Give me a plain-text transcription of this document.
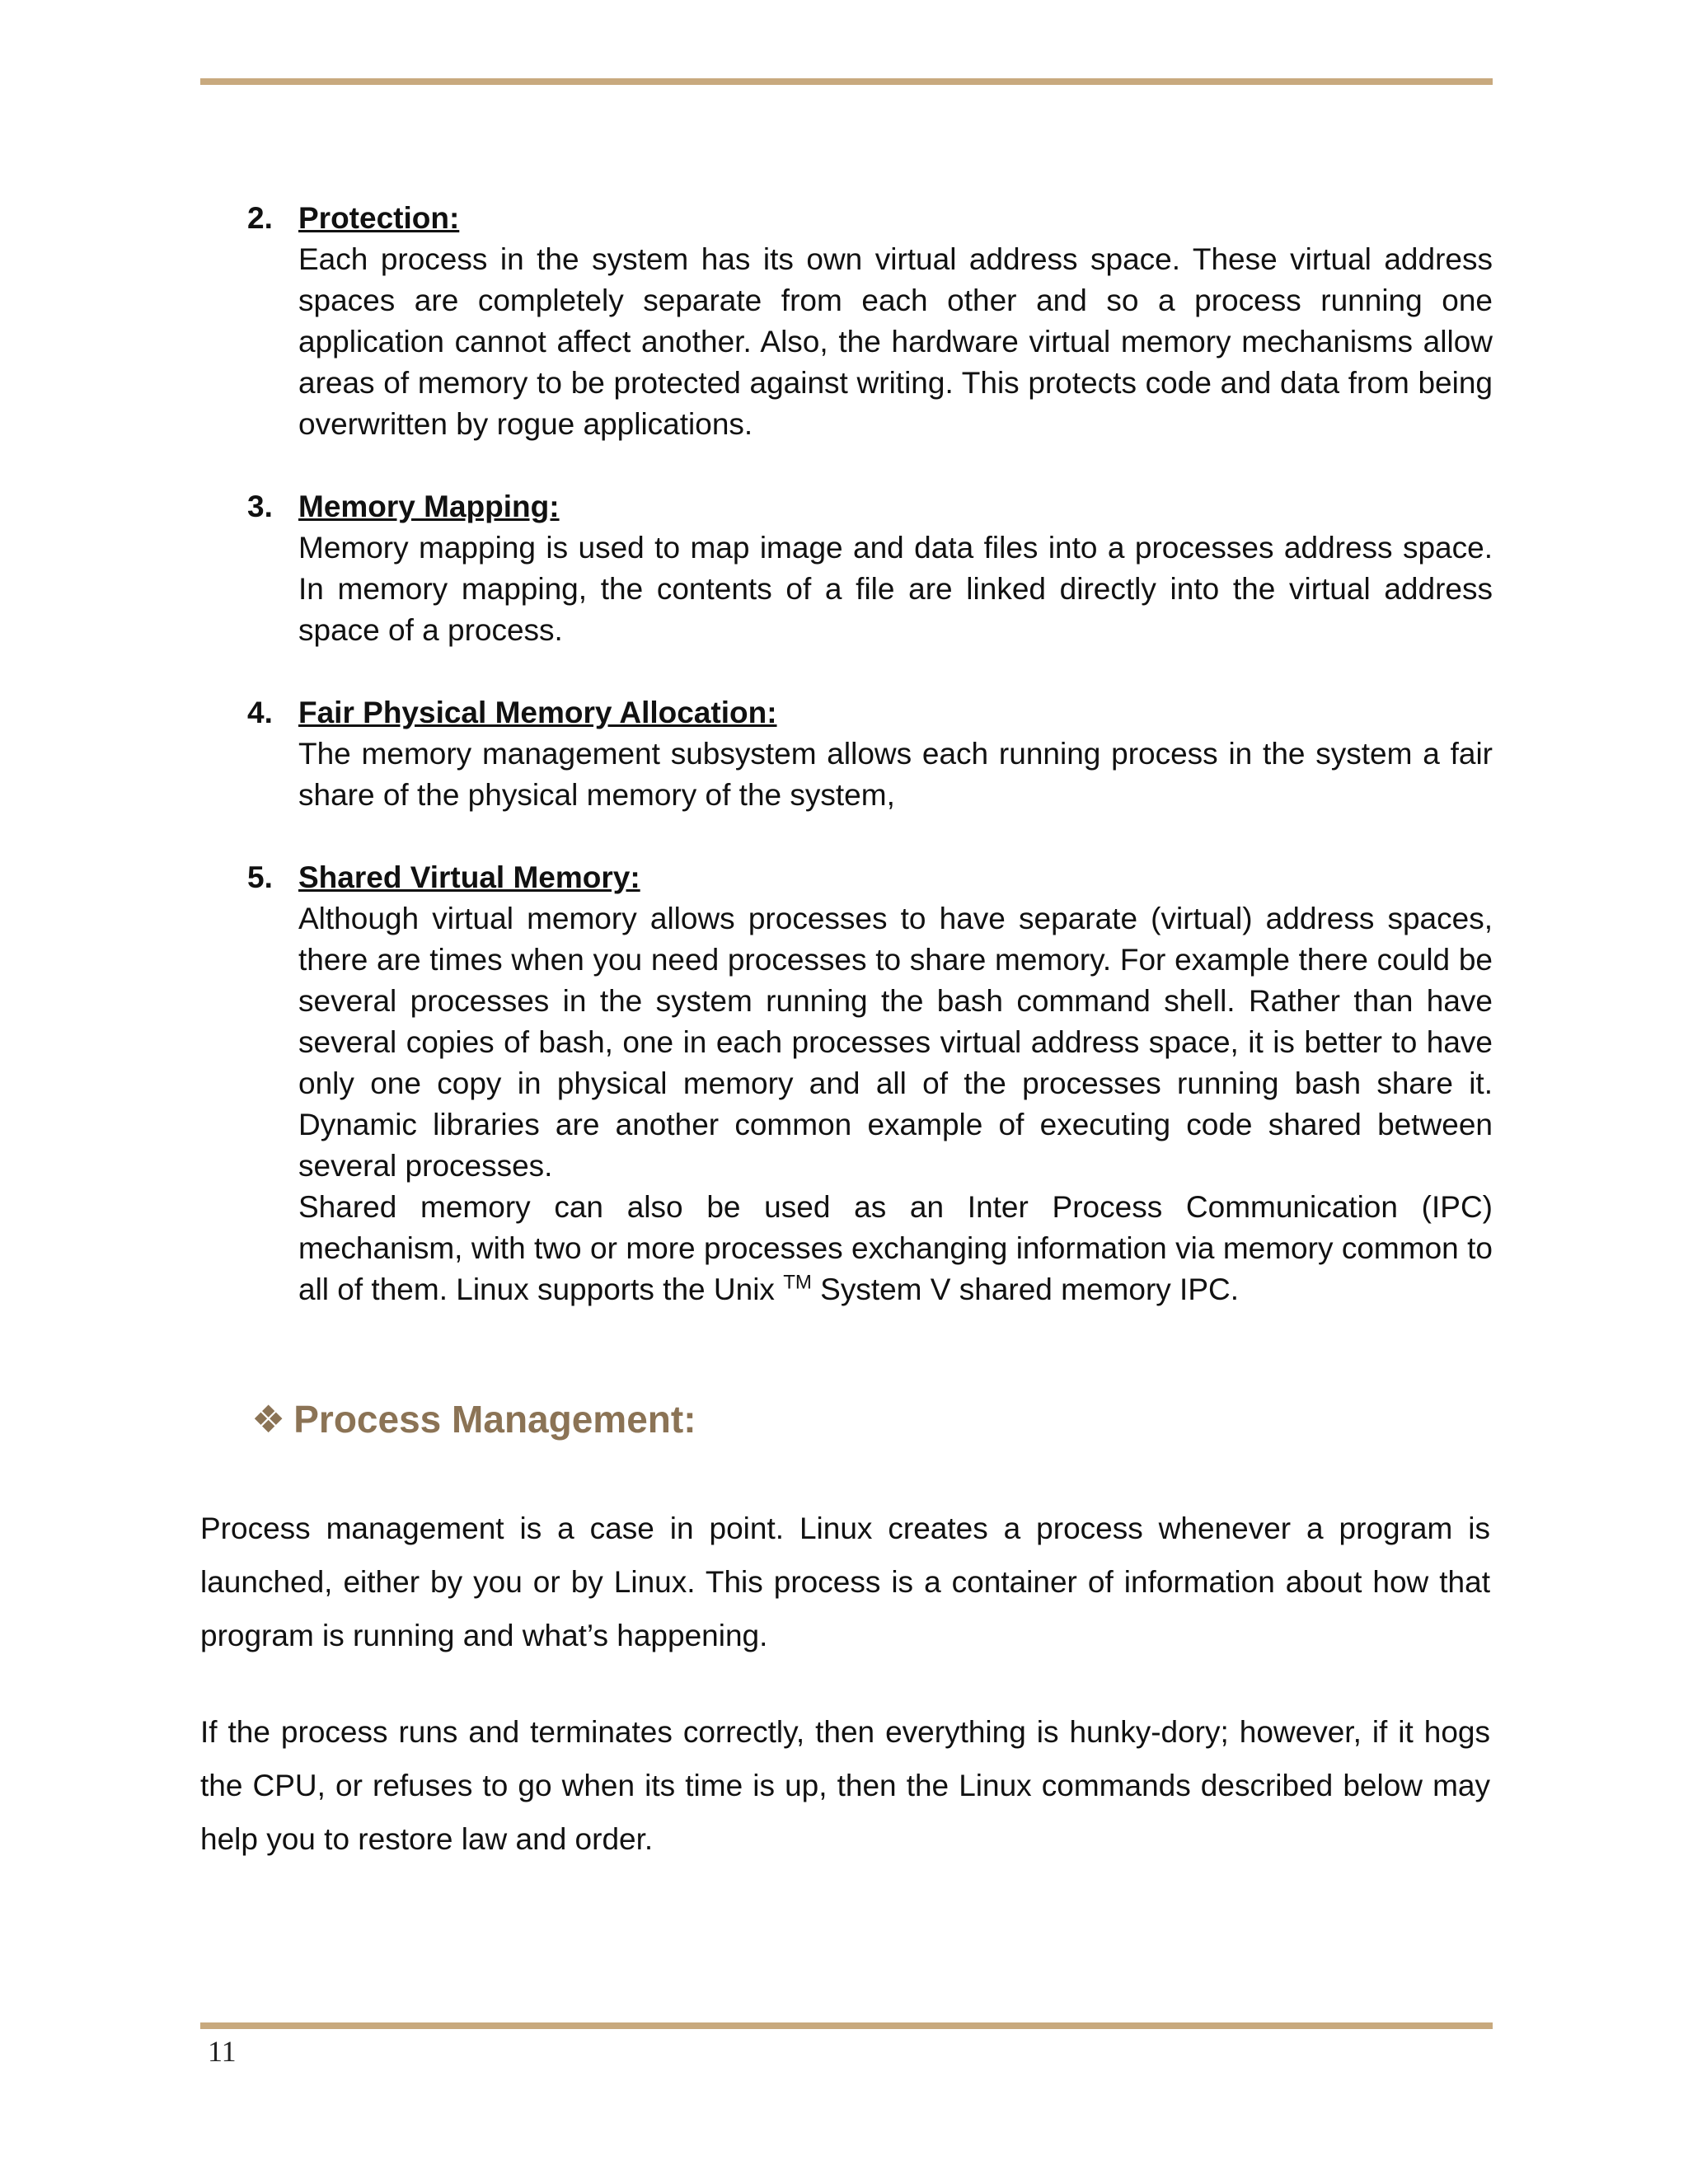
2. Protection:
Each process in the system has its own virtual address space. These virtual address spaces are completely separate from each other and so a process running one application cannot affect another. Also, the hardware virtual memory mechanisms allow areas of memory to be protected against writing. This protects code and data from being overwritten by rogue applications.
3. Memory Mapping:
Memory mapping is used to map image and data files into a processes address space. In memory mapping, the contents of a file are linked directly into the virtual address space of a process.
4. Fair Physical Memory Allocation:
The memory management subsystem allows each running process in the system a fair share of the physical memory of the system,
5. Shared Virtual Memory:
Although virtual memory allows processes to have separate (virtual) address spaces, there are times when you need processes to share memory. For example there could be several processes in the system running the bash command shell. Rather than have several copies of bash, one in each processes virtual address space, it is better to have only one copy in physical memory and all of the processes running bash share it. Dynamic libraries are another common example of executing code shared between several processes.
Shared memory can also be used as an Inter Process Communication (IPC) mechanism, with two or more processes exchanging information via memory common to all of them. Linux supports the Unix ™ System V shared memory IPC.
❖ Process Management:
Process management is a case in point. Linux creates a process whenever a program is launched, either by you or by Linux. This process is a container of information about how that program is running and what’s happening.
If the process runs and terminates correctly, then everything is hunky-dory; however, if it hogs the CPU, or refuses to go when its time is up, then the Linux commands described below may help you to restore law and order.
11
